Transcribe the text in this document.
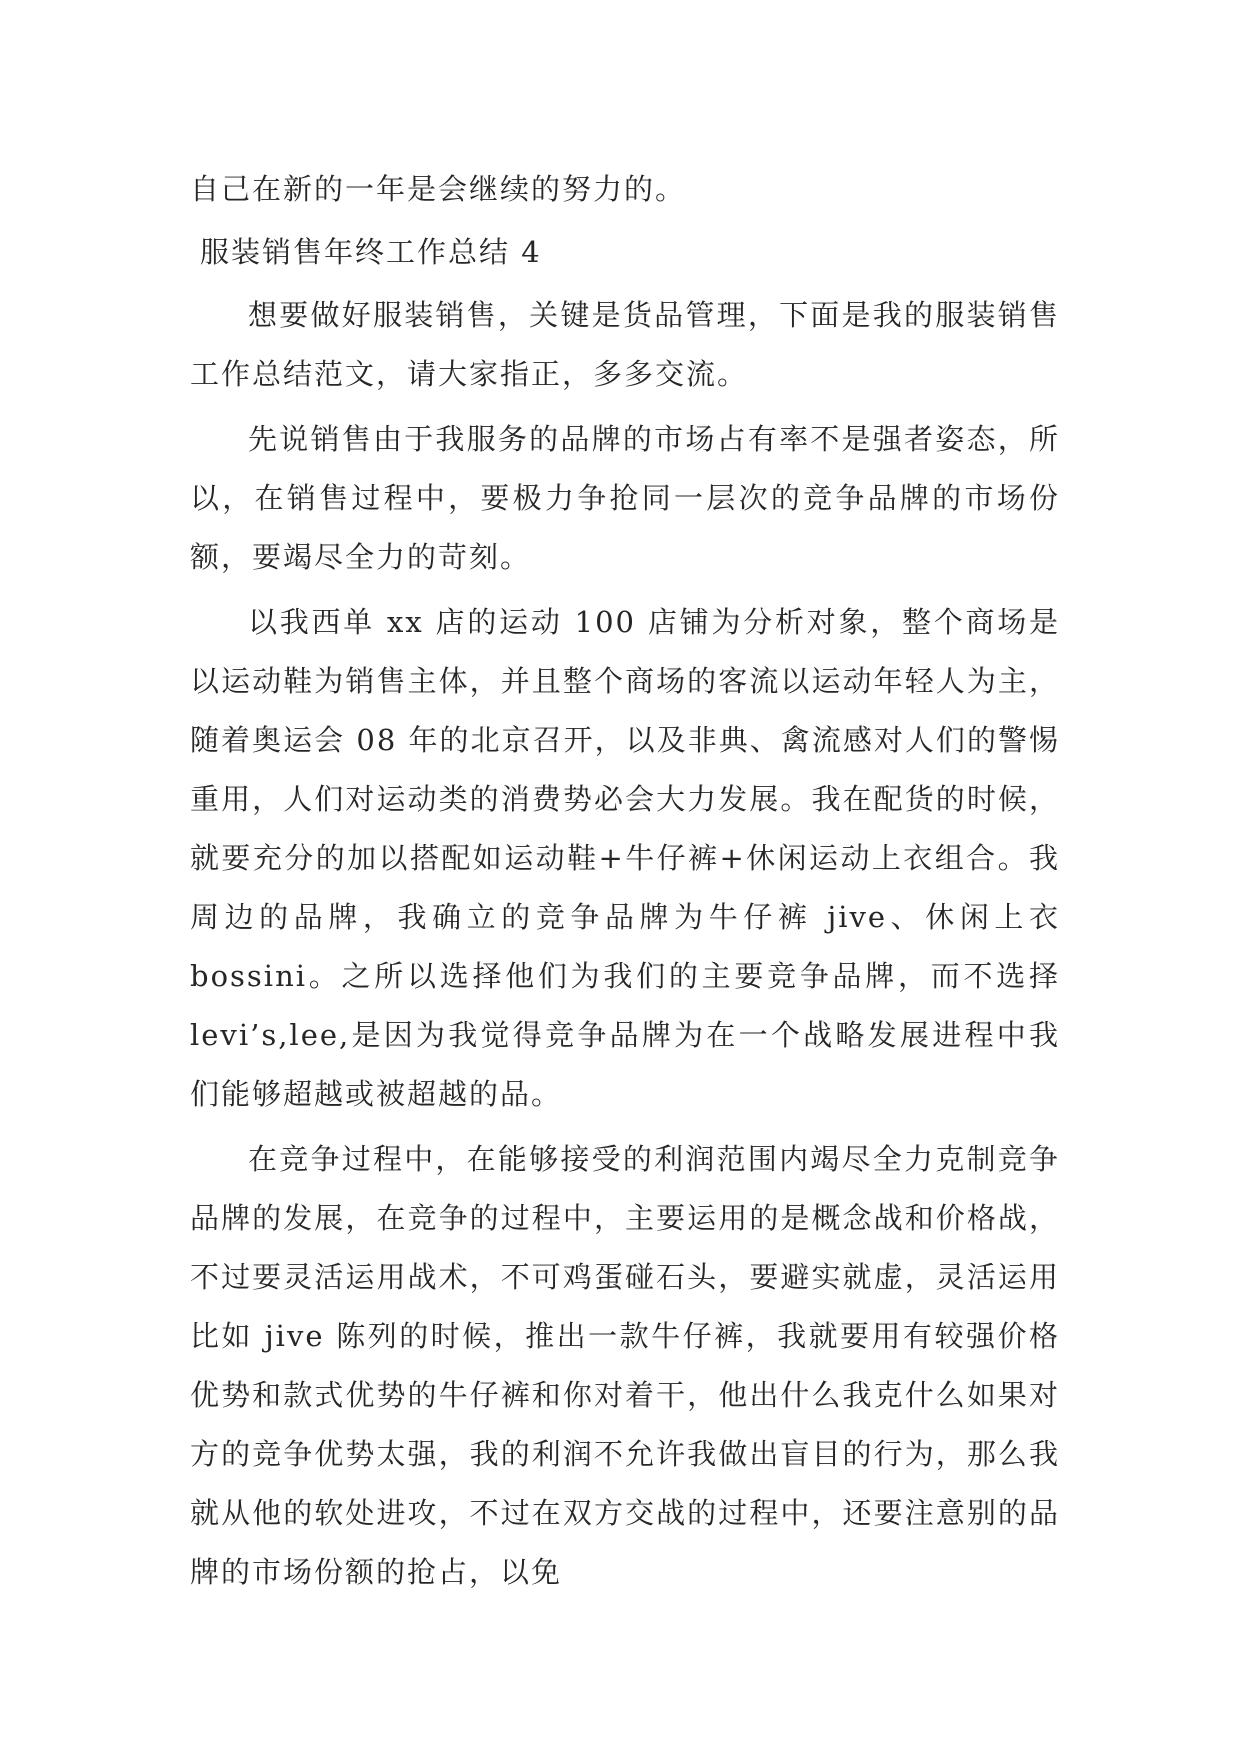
自己在新的一年是会继续的努力的。

服装销售年终工作总结 4

想要做好服装销售，关键是货品管理，下面是我的服装销售工作总结范文，请大家指正，多多交流。

先说销售由于我服务的品牌的市场占有率不是强者姿态，所以，在销售过程中，要极力争抢同一层次的竞争品牌的市场份额，要竭尽全力的苛刻。

以我西单 xx 店的运动 100 店铺为分析对象，整个商场是以运动鞋为销售主体，并且整个商场的客流以运动年轻人为主，随着奥运会 08 年的北京召开，以及非典、禽流感对人们的警惕重用，人们对运动类的消费势必会大力发展。我在配货的时候，就要充分的加以搭配如运动鞋+牛仔裤+休闲运动上衣组合。我周边的品牌，我确立的竞争品牌为牛仔裤 jive、休闲上衣 bossini。之所以选择他们为我们的主要竞争品牌，而不选择 levi’s,lee,是因为我觉得竞争品牌为在一个战略发展进程中我们能够超越或被超越的品。

在竞争过程中，在能够接受的利润范围内竭尽全力克制竞争品牌的发展，在竞争的过程中，主要运用的是概念战和价格战，不过要灵活运用战术，不可鸡蛋碰石头，要避实就虚，灵活运用比如 jive 陈列的时候，推出一款牛仔裤，我就要用有较强价格优势和款式优势的牛仔裤和你对着干，他出什么我克什么如果对方的竞争优势太强，我的利润不允许我做出盲目的行为，那么我就从他的软处进攻，不过在双方交战的过程中，还要注意别的品牌的市场份额的抢占，以免
